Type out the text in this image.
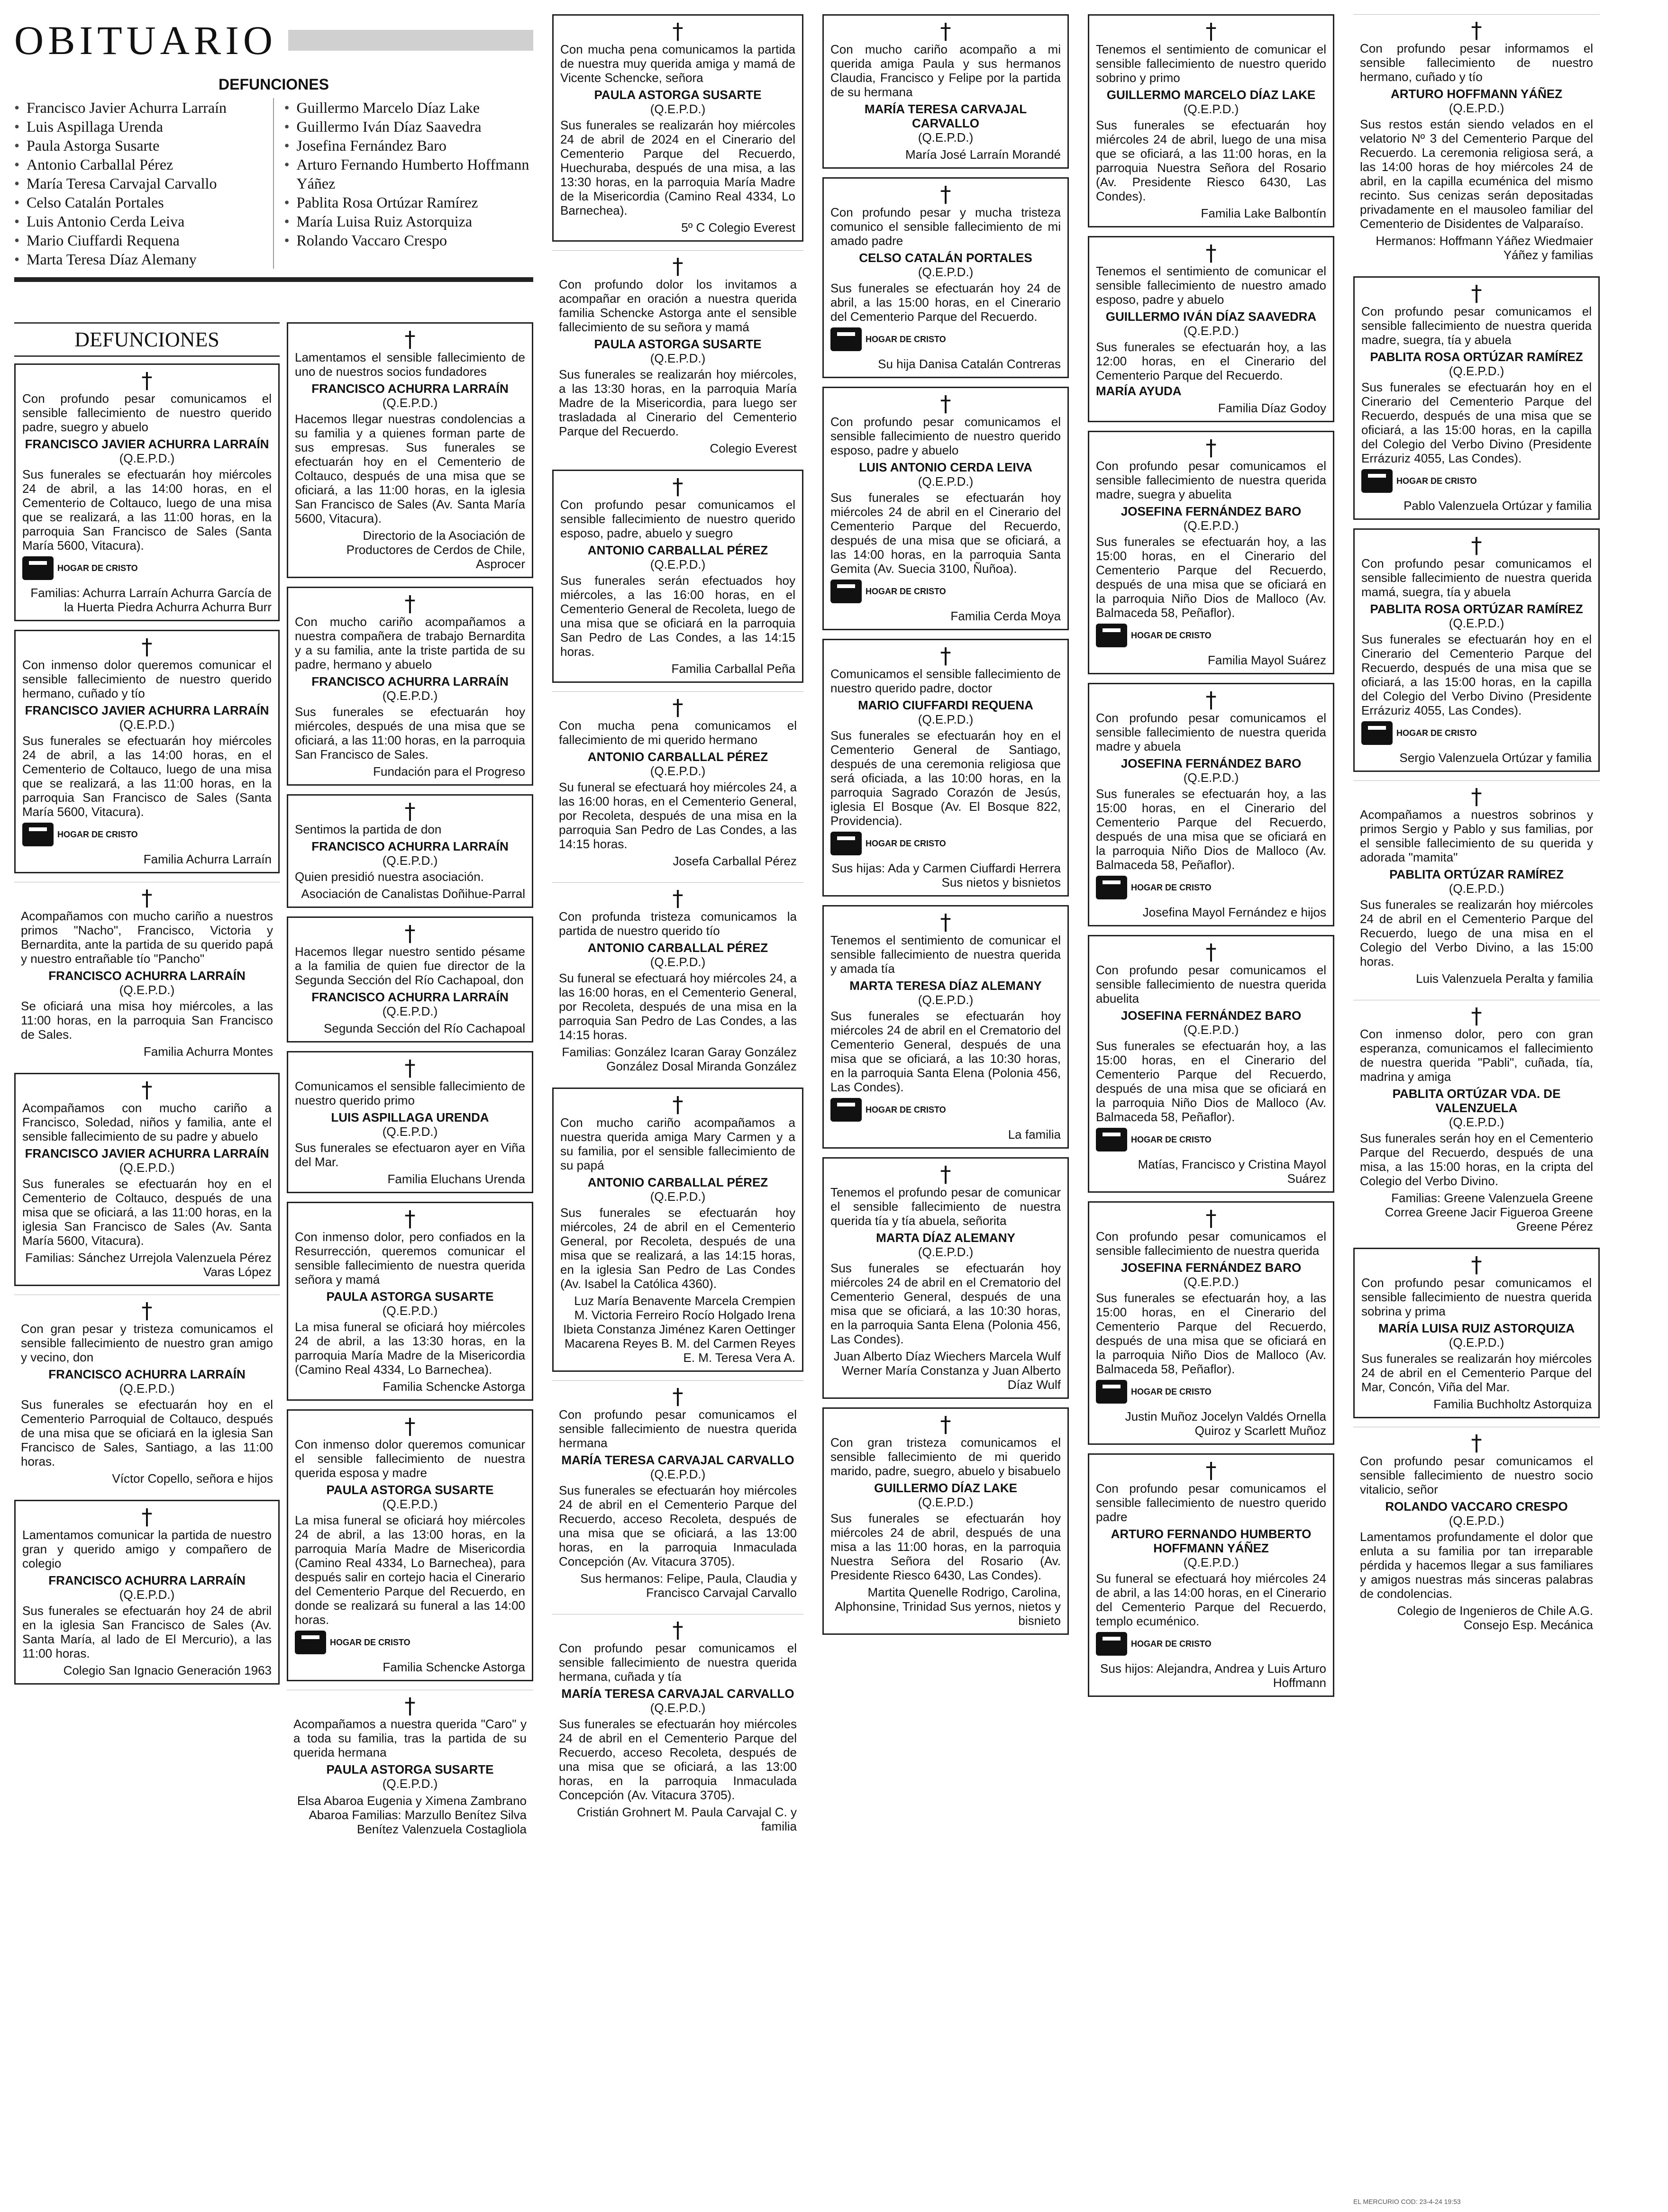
OBITUARIO
DEFUNCIONES
• Francisco Javier Achurra Larraín
• Luis Aspillaga Urenda
• Paula Astorga Susarte
• Antonio Carballal Pérez
• María Teresa Carvajal Carvallo
• Celso Catalán Portales
• Luis Antonio Cerda Leiva
• Mario Ciuffardi Requena
• Marta Teresa Díaz Alemany
• Guillermo Marcelo Díaz Lake
• Guillermo Iván Díaz Saavedra
• Josefina Fernández Baro
• Arturo Fernando Humberto Hoffmann Yáñez
• Pablita Rosa Ortúzar Ramírez
• María Luisa Ruiz Astorquiza
• Rolando Vaccaro Crespo
DEFUNCIONES
†

Con profundo pesar comunicamos el sensible fallecimiento de nuestro querido padre, suegro y abuelo

FRANCISCO JAVIER ACHURRA LARRAÍN

(Q.E.P.D.)

Sus funerales se efectuarán hoy miércoles 24 de abril, a las 14:00 horas, en el Cementerio de Coltauco, luego de una misa que se realizará, a las 11:00 horas, en la parroquia San Francisco de Sales (Santa María 5600, Vitacura).

HOGAR DE CRISTO

Familias: Achurra Larraín Achurra García de la Huerta Piedra Achurra Achurra Burr

†

Con inmenso dolor queremos comunicar el sensible fallecimiento de nuestro querido hermano, cuñado y tío

FRANCISCO JAVIER ACHURRA LARRAÍN

(Q.E.P.D.)

Sus funerales se efectuarán hoy miércoles 24 de abril, a las 14:00 horas, en el Cementerio de Coltauco, luego de una misa que se realizará, a las 11:00 horas, en la parroquia San Francisco de Sales (Santa María 5600, Vitacura).

HOGAR DE CRISTO

Familia Achurra Larraín

†

Acompañamos con mucho cariño a nuestros primos "Nacho", Francisco, Victoria y Bernardita, ante la partida de su querido papá y nuestro entrañable tío "Pancho"

FRANCISCO ACHURRA LARRAÍN

(Q.E.P.D.)

Se oficiará una misa hoy miércoles, a las 11:00 horas, en la parroquia San Francisco de Sales.

Familia Achurra Montes

†

Acompañamos con mucho cariño a Francisco, Soledad, niños y familia, ante el sensible fallecimiento de su padre y abuelo

FRANCISCO JAVIER ACHURRA LARRAÍN

(Q.E.P.D.)

Sus funerales se efectuarán hoy en el Cementerio de Coltauco, después de una misa que se oficiará, a las 11:00 horas, en la iglesia San Francisco de Sales (Av. Santa María 5600, Vitacura).

Familias: Sánchez Urrejola Valenzuela Pérez Varas López

†

Con gran pesar y tristeza comunicamos el sensible fallecimiento de nuestro gran amigo y vecino, don

FRANCISCO ACHURRA LARRAÍN

(Q.E.P.D.)

Sus funerales se efectuarán hoy en el Cementerio Parroquial de Coltauco, después de una misa que se oficiará en la iglesia San Francisco de Sales, Santiago, a las 11:00 horas.

Víctor Copello, señora e hijos

†

Lamentamos comunicar la partida de nuestro gran y querido amigo y compañero de colegio

FRANCISCO ACHURRA LARRAÍN

(Q.E.P.D.)

Sus funerales se efectuarán hoy 24 de abril en la iglesia San Francisco de Sales (Av. Santa María, al lado de El Mercurio), a las 11:00 horas.

Colegio San Ignacio Generación 1963

†

Lamentamos el sensible fallecimiento de uno de nuestros socios fundadores

FRANCISCO ACHURRA LARRAÍN

(Q.E.P.D.)

Hacemos llegar nuestras condolencias a su familia y a quienes forman parte de sus empresas. Sus funerales se efectuarán hoy en el Cementerio de Coltauco, después de una misa que se oficiará, a las 11:00 horas, en la iglesia San Francisco de Sales (Av. Santa María 5600, Vitacura).

Directorio de la Asociación de Productores de Cerdos de Chile, Asprocer

†

Con mucho cariño acompañamos a nuestra compañera de trabajo Bernardita y a su familia, ante la triste partida de su padre, hermano y abuelo

FRANCISCO ACHURRA LARRAÍN

(Q.E.P.D.)

Sus funerales se efectuarán hoy miércoles, después de una misa que se oficiará, a las 11:00 horas, en la parroquia San Francisco de Sales.

Fundación para el Progreso

†

Sentimos la partida de don

FRANCISCO ACHURRA LARRAÍN

(Q.E.P.D.)

Quien presidió nuestra asociación.

Asociación de Canalistas Doñihue-Parral

†

Hacemos llegar nuestro sentido pésame a la familia de quien fue director de la Segunda Sección del Río Cachapoal, don

FRANCISCO ACHURRA LARRAÍN

(Q.E.P.D.)

Segunda Sección del Río Cachapoal

†

Comunicamos el sensible fallecimiento de nuestro querido primo

LUIS ASPILLAGA URENDA

(Q.E.P.D.)

Sus funerales se efectuaron ayer en Viña del Mar.

Familia Eluchans Urenda

†

Con inmenso dolor, pero confiados en la Resurrección, queremos comunicar el sensible fallecimiento de nuestra querida señora y mamá

PAULA ASTORGA SUSARTE

(Q.E.P.D.)

La misa funeral se oficiará hoy miércoles 24 de abril, a las 13:30 horas, en la parroquia María Madre de la Misericordia (Camino Real 4334, Lo Barnechea).

Familia Schencke Astorga

†

Con inmenso dolor queremos comunicar el sensible fallecimiento de nuestra querida esposa y madre

PAULA ASTORGA SUSARTE

(Q.E.P.D.)

La misa funeral se oficiará hoy miércoles 24 de abril, a las 13:00 horas, en la parroquia María Madre de Misericordia (Camino Real 4334, Lo Barnechea), para después salir en cortejo hacia el Cinerario del Cementerio Parque del Recuerdo, en donde se realizará su funeral a las 14:00 horas.

HOGAR DE CRISTO

Familia Schencke Astorga

†

Acompañamos a nuestra querida "Caro" y a toda su familia, tras la partida de su querida hermana

PAULA ASTORGA SUSARTE

(Q.E.P.D.)

Elsa Abaroa Eugenia y Ximena Zambrano Abaroa Familias: Marzullo Benítez Silva Benítez Valenzuela Costagliola

†

Con mucha pena comunicamos la partida de nuestra muy querida amiga y mamá de Vicente Schencke, señora

PAULA ASTORGA SUSARTE

(Q.E.P.D.)

Sus funerales se realizarán hoy miércoles 24 de abril de 2024 en el Cinerario del Cementerio Parque del Recuerdo, Huechuraba, después de una misa, a las 13:30 horas, en la parroquia María Madre de la Misericordia (Camino Real 4334, Lo Barnechea).

5º C Colegio Everest

†

Con profundo dolor los invitamos a acompañar en oración a nuestra querida familia Schencke Astorga ante el sensible fallecimiento de su señora y mamá

PAULA ASTORGA SUSARTE

(Q.E.P.D.)

Sus funerales se realizarán hoy miércoles, a las 13:30 horas, en la parroquia María Madre de la Misericordia, para luego ser trasladada al Cinerario del Cementerio Parque del Recuerdo.

Colegio Everest

†

Con profundo pesar comunicamos el sensible fallecimiento de nuestro querido esposo, padre, abuelo y suegro

ANTONIO CARBALLAL PÉREZ

(Q.E.P.D.)

Sus funerales serán efectuados hoy miércoles, a las 16:00 horas, en el Cementerio General de Recoleta, luego de una misa que se oficiará en la parroquia San Pedro de Las Condes, a las 14:15 horas.

Familia Carballal Peña

†

Con mucha pena comunicamos el fallecimiento de mi querido hermano

ANTONIO CARBALLAL PÉREZ

(Q.E.P.D.)

Su funeral se efectuará hoy miércoles 24, a las 16:00 horas, en el Cementerio General, por Recoleta, después de una misa en la parroquia San Pedro de Las Condes, a las 14:15 horas.

Josefa Carballal Pérez

†

Con profunda tristeza comunicamos la partida de nuestro querido tío

ANTONIO CARBALLAL PÉREZ

(Q.E.P.D.)

Su funeral se efectuará hoy miércoles 24, a las 16:00 horas, en el Cementerio General, por Recoleta, después de una misa en la parroquia San Pedro de Las Condes, a las 14:15 horas.

Familias: González Icaran Garay González González Dosal Miranda González

†

Con mucho cariño acompañamos a nuestra querida amiga Mary Carmen y a su familia, por el sensible fallecimiento de su papá

ANTONIO CARBALLAL PÉREZ

(Q.E.P.D.)

Sus funerales se efectuarán hoy miércoles, 24 de abril en el Cementerio General, por Recoleta, después de una misa que se realizará, a las 14:15 horas, en la iglesia San Pedro de Las Condes (Av. Isabel la Católica 4360).

Luz María Benavente Marcela Crempien M. Victoria Ferreiro Rocío Holgado Irena Ibieta Constanza Jiménez Karen Oettinger Macarena Reyes B. M. del Carmen Reyes E. M. Teresa Vera A.

†

Con profundo pesar comunicamos el sensible fallecimiento de nuestra querida hermana

MARÍA TERESA CARVAJAL CARVALLO

(Q.E.P.D.)

Sus funerales se efectuarán hoy miércoles 24 de abril en el Cementerio Parque del Recuerdo, acceso Recoleta, después de una misa que se oficiará, a las 13:00 horas, en la parroquia Inmaculada Concepción (Av. Vitacura 3705).

Sus hermanos: Felipe, Paula, Claudia y Francisco Carvajal Carvallo

†

Con profundo pesar comunicamos el sensible fallecimiento de nuestra querida hermana, cuñada y tía

MARÍA TERESA CARVAJAL CARVALLO

(Q.E.P.D.)

Sus funerales se efectuarán hoy miércoles 24 de abril en el Cementerio Parque del Recuerdo, acceso Recoleta, después de una misa que se oficiará, a las 13:00 horas, en la parroquia Inmaculada Concepción (Av. Vitacura 3705).

Cristián Grohnert M. Paula Carvajal C. y familia

†

Con mucho cariño acompaño a mi querida amiga Paula y sus hermanos Claudia, Francisco y Felipe por la partida de su hermana

MARÍA TERESA CARVAJAL CARVALLO

(Q.E.P.D.)

María José Larraín Morandé

†

Con profundo pesar y mucha tristeza comunico el sensible fallecimiento de mi amado padre

CELSO CATALÁN PORTALES

(Q.E.P.D.)

Sus funerales se efectuarán hoy 24 de abril, a las 15:00 horas, en el Cinerario del Cementerio Parque del Recuerdo.

HOGAR DE CRISTO

Su hija Danisa Catalán Contreras

†

Con profundo pesar comunicamos el sensible fallecimiento de nuestro querido esposo, padre y abuelo

LUIS ANTONIO CERDA LEIVA

(Q.E.P.D.)

Sus funerales se efectuarán hoy miércoles 24 de abril en el Cinerario del Cementerio Parque del Recuerdo, después de una misa que se oficiará, a las 14:00 horas, en la parroquia Santa Gemita (Av. Suecia 3100, Ñuñoa).

HOGAR DE CRISTO

Familia Cerda Moya

†

Comunicamos el sensible fallecimiento de nuestro querido padre, doctor

MARIO CIUFFARDI REQUENA

(Q.E.P.D.)

Sus funerales se efectuarán hoy en el Cementerio General de Santiago, después de una ceremonia religiosa que será oficiada, a las 10:00 horas, en la parroquia Sagrado Corazón de Jesús, iglesia El Bosque (Av. El Bosque 822, Providencia).

HOGAR DE CRISTO

Sus hijas: Ada y Carmen Ciuffardi Herrera Sus nietos y bisnietos

†

Tenemos el sentimiento de comunicar el sensible fallecimiento de nuestra querida y amada tía

MARTA TERESA DÍAZ ALEMANY

(Q.E.P.D.)

Sus funerales se efectuarán hoy miércoles 24 de abril en el Crematorio del Cementerio General, después de una misa que se oficiará, a las 10:30 horas, en la parroquia Santa Elena (Polonia 456, Las Condes).

HOGAR DE CRISTO

La familia

†

Tenemos el profundo pesar de comunicar el sensible fallecimiento de nuestra querida tía y tía abuela, señorita

MARTA DÍAZ ALEMANY

(Q.E.P.D.)

Sus funerales se efectuarán hoy miércoles 24 de abril en el Crematorio del Cementerio General, después de una misa que se oficiará, a las 10:30 horas, en la parroquia Santa Elena (Polonia 456, Las Condes).

Juan Alberto Díaz Wiechers Marcela Wulf Werner María Constanza y Juan Alberto Díaz Wulf

†

Con gran tristeza comunicamos el sensible fallecimiento de mi querido marido, padre, suegro, abuelo y bisabuelo

GUILLERMO DÍAZ LAKE

(Q.E.P.D.)

Sus funerales se efectuarán hoy miércoles 24 de abril, después de una misa a las 11:00 horas, en la parroquia Nuestra Señora del Rosario (Av. Presidente Riesco 6430, Las Condes).

Martita Quenelle Rodrigo, Carolina, Alphonsine, Trinidad Sus yernos, nietos y bisnieto

†

Tenemos el sentimiento de comunicar el sensible fallecimiento de nuestro querido sobrino y primo

GUILLERMO MARCELO DÍAZ LAKE

(Q.E.P.D.)

Sus funerales se efectuarán hoy miércoles 24 de abril, luego de una misa que se oficiará, a las 11:00 horas, en la parroquia Nuestra Señora del Rosario (Av. Presidente Riesco 6430, Las Condes).

Familia Lake Balbontín

†

Tenemos el sentimiento de comunicar el sensible fallecimiento de nuestro amado esposo, padre y abuelo

GUILLERMO IVÁN DÍAZ SAAVEDRA

(Q.E.P.D.)

Sus funerales se efectuarán hoy, a las 12:00 horas, en el Cinerario del Cementerio Parque del Recuerdo.

MARÍA AYUDA

Familia Díaz Godoy

†

Con profundo pesar comunicamos el sensible fallecimiento de nuestra querida madre, suegra y abuelita

JOSEFINA FERNÁNDEZ BARO

(Q.E.P.D.)

Sus funerales se efectuarán hoy, a las 15:00 horas, en el Cinerario del Cementerio Parque del Recuerdo, después de una misa que se oficiará en la parroquia Niño Dios de Malloco (Av. Balmaceda 58, Peñaflor).

HOGAR DE CRISTO

Familia Mayol Suárez

†

Con profundo pesar comunicamos el sensible fallecimiento de nuestra querida madre y abuela

JOSEFINA FERNÁNDEZ BARO

(Q.E.P.D.)

Sus funerales se efectuarán hoy, a las 15:00 horas, en el Cinerario del Cementerio Parque del Recuerdo, después de una misa que se oficiará en la parroquia Niño Dios de Malloco (Av. Balmaceda 58, Peñaflor).

HOGAR DE CRISTO

Josefina Mayol Fernández e hijos

†

Con profundo pesar comunicamos el sensible fallecimiento de nuestra querida abuelita

JOSEFINA FERNÁNDEZ BARO

(Q.E.P.D.)

Sus funerales se efectuarán hoy, a las 15:00 horas, en el Cinerario del Cementerio Parque del Recuerdo, después de una misa que se oficiará en la parroquia Niño Dios de Malloco (Av. Balmaceda 58, Peñaflor).

HOGAR DE CRISTO

Matías, Francisco y Cristina Mayol Suárez

†

Con profundo pesar comunicamos el sensible fallecimiento de nuestra querida

JOSEFINA FERNÁNDEZ BARO

(Q.E.P.D.)

Sus funerales se efectuarán hoy, a las 15:00 horas, en el Cinerario del Cementerio Parque del Recuerdo, después de una misa que se oficiará en la parroquia Niño Dios de Malloco (Av. Balmaceda 58, Peñaflor).

HOGAR DE CRISTO

Justin Muñoz Jocelyn Valdés Ornella Quiroz y Scarlett Muñoz

†

Con profundo pesar comunicamos el sensible fallecimiento de nuestro querido padre

ARTURO FERNANDO HUMBERTO HOFFMANN YÁÑEZ

(Q.E.P.D.)

Su funeral se efectuará hoy miércoles 24 de abril, a las 14:00 horas, en el Cinerario del Cementerio Parque del Recuerdo, templo ecuménico.

HOGAR DE CRISTO

Sus hijos: Alejandra, Andrea y Luis Arturo Hoffmann

†

Con profundo pesar informamos el sensible fallecimiento de nuestro hermano, cuñado y tío

ARTURO HOFFMANN YÁÑEZ

(Q.E.P.D.)

Sus restos están siendo velados en el velatorio Nº 3 del Cementerio Parque del Recuerdo. La ceremonia religiosa será, a las 14:00 horas de hoy miércoles 24 de abril, en la capilla ecuménica del mismo recinto. Sus cenizas serán depositadas privadamente en el mausoleo familiar del Cementerio de Disidentes de Valparaíso.

Hermanos: Hoffmann Yáñez Wiedmaier Yáñez y familias

†

Con profundo pesar comunicamos el sensible fallecimiento de nuestra querida madre, suegra, tía y abuela

PABLITA ROSA ORTÚZAR RAMÍREZ

(Q.E.P.D.)

Sus funerales se efectuarán hoy en el Cinerario del Cementerio Parque del Recuerdo, después de una misa que se oficiará, a las 15:00 horas, en la capilla del Colegio del Verbo Divino (Presidente Errázuriz 4055, Las Condes).

HOGAR DE CRISTO

Pablo Valenzuela Ortúzar y familia

†

Con profundo pesar comunicamos el sensible fallecimiento de nuestra querida mamá, suegra, tía y abuela

PABLITA ROSA ORTÚZAR RAMÍREZ

(Q.E.P.D.)

Sus funerales se efectuarán hoy en el Cinerario del Cementerio Parque del Recuerdo, después de una misa que se oficiará, a las 15:00 horas, en la capilla del Colegio del Verbo Divino (Presidente Errázuriz 4055, Las Condes).

HOGAR DE CRISTO

Sergio Valenzuela Ortúzar y familia

†

Acompañamos a nuestros sobrinos y primos Sergio y Pablo y sus familias, por el sensible fallecimiento de su querida y adorada "mamita"

PABLITA ORTÚZAR RAMÍREZ

(Q.E.P.D.)

Sus funerales se realizarán hoy miércoles 24 de abril en el Cementerio Parque del Recuerdo, luego de una misa en el Colegio del Verbo Divino, a las 15:00 horas.

Luis Valenzuela Peralta y familia

†

Con inmenso dolor, pero con gran esperanza, comunicamos el fallecimiento de nuestra querida "Pabli", cuñada, tía, madrina y amiga

PABLITA ORTÚZAR VDA. DE VALENZUELA

(Q.E.P.D.)

Sus funerales serán hoy en el Cementerio Parque del Recuerdo, después de una misa, a las 15:00 horas, en la cripta del Colegio del Verbo Divino.

Familias: Greene Valenzuela Greene Correa Greene Jacir Figueroa Greene Greene Pérez

†

Con profundo pesar comunicamos el sensible fallecimiento de nuestra querida sobrina y prima

MARÍA LUISA RUIZ ASTORQUIZA

(Q.E.P.D.)

Sus funerales se realizarán hoy miércoles 24 de abril en el Cementerio Parque del Mar, Concón, Viña del Mar.

Familia Buchholtz Astorquiza

†

Con profundo pesar comunicamos el sensible fallecimiento de nuestro socio vitalicio, señor

ROLANDO VACCARO CRESPO

(Q.E.P.D.)

Lamentamos profundamente el dolor que enluta a su familia por tan irreparable pérdida y hacemos llegar a sus familiares y amigos nuestras más sinceras palabras de condolencias.

Colegio de Ingenieros de Chile A.G. Consejo Esp. Mecánica

EL MERCURIO COD: 23-4-24 19:53
